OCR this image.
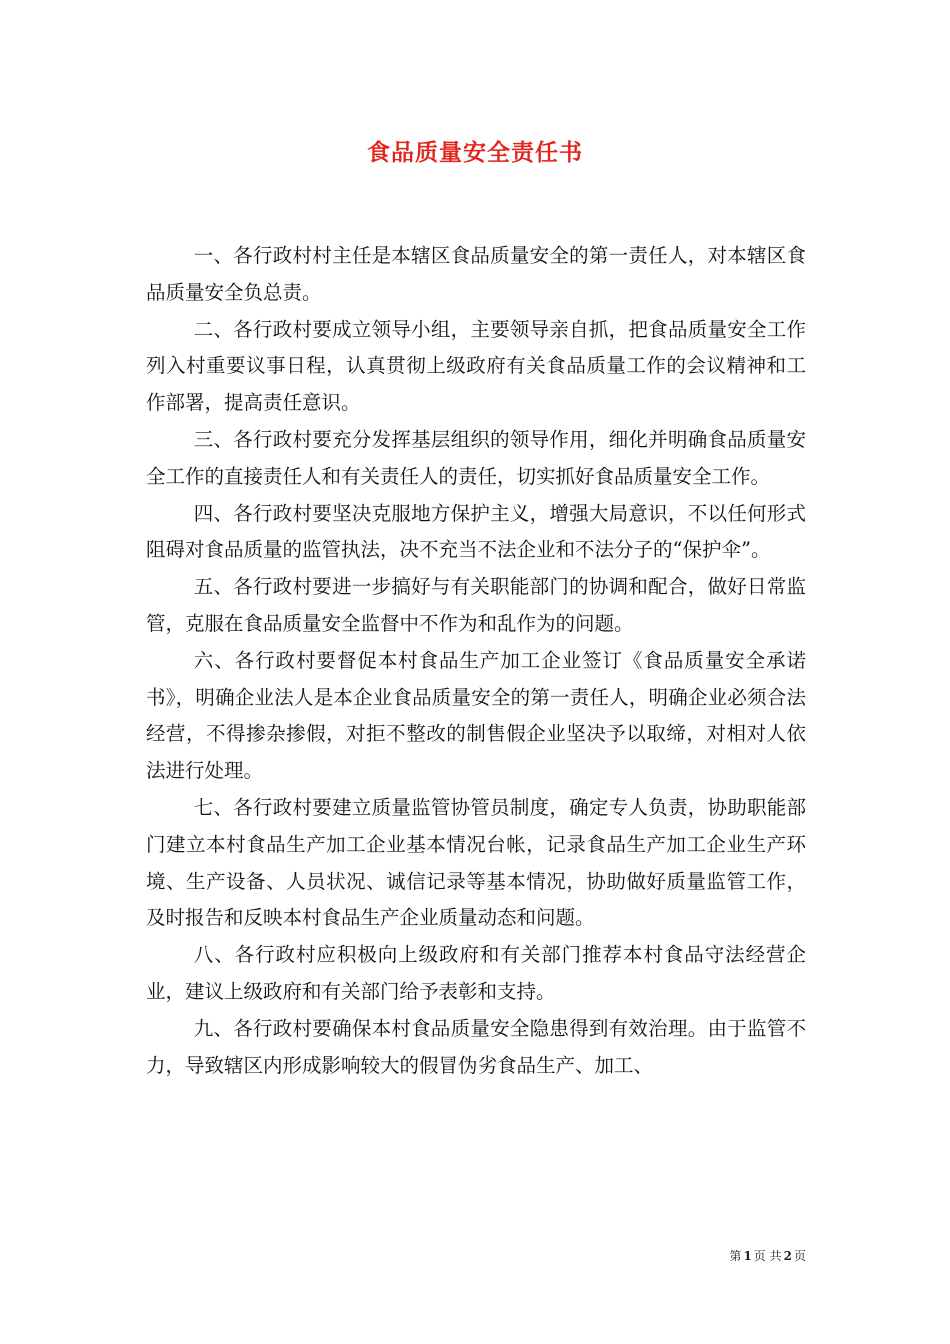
食品质量安全责任书

一、各行政村村主任是本辖区食品质量安全的第一责任人，对本辖区食品质量安全负总责。

二、各行政村要成立领导小组，主要领导亲自抓，把食品质量安全工作列入村重要议事日程，认真贯彻上级政府有关食品质量工作的会议精神和工作部署，提高责任意识。

三、各行政村要充分发挥基层组织的领导作用，细化并明确食品质量安全工作的直接责任人和有关责任人的责任，切实抓好食品质量安全工作。

四、各行政村要坚决克服地方保护主义，增强大局意识，不以任何形式阻碍对食品质量的监管执法，决不充当不法企业和不法分子的“保护伞”。

五、各行政村要进一步搞好与有关职能部门的协调和配合，做好日常监管，克服在食品质量安全监督中不作为和乱作为的问题。

六、各行政村要督促本村食品生产加工企业签订《食品质量安全承诺书》，明确企业法人是本企业食品质量安全的第一责任人，明确企业必须合法经营，不得掺杂掺假，对拒不整改的制售假企业坚决予以取缔，对相对人依法进行处理。

七、各行政村要建立质量监管协管员制度，确定专人负责，协助职能部门建立本村食品生产加工企业基本情况台帐，记录食品生产加工企业生产环境、生产设备、人员状况、诚信记录等基本情况，协助做好质量监管工作，及时报告和反映本村食品生产企业质量动态和问题。

八、各行政村应积极向上级政府和有关部门推荐本村食品守法经营企业，建议上级政府和有关部门给予表彰和支持。

九、各行政村要确保本村食品质量安全隐患得到有效治理。由于监管不力，导致辖区内形成影响较大的假冒伪劣食品生产、加工、

第 1 页 共 2 页
